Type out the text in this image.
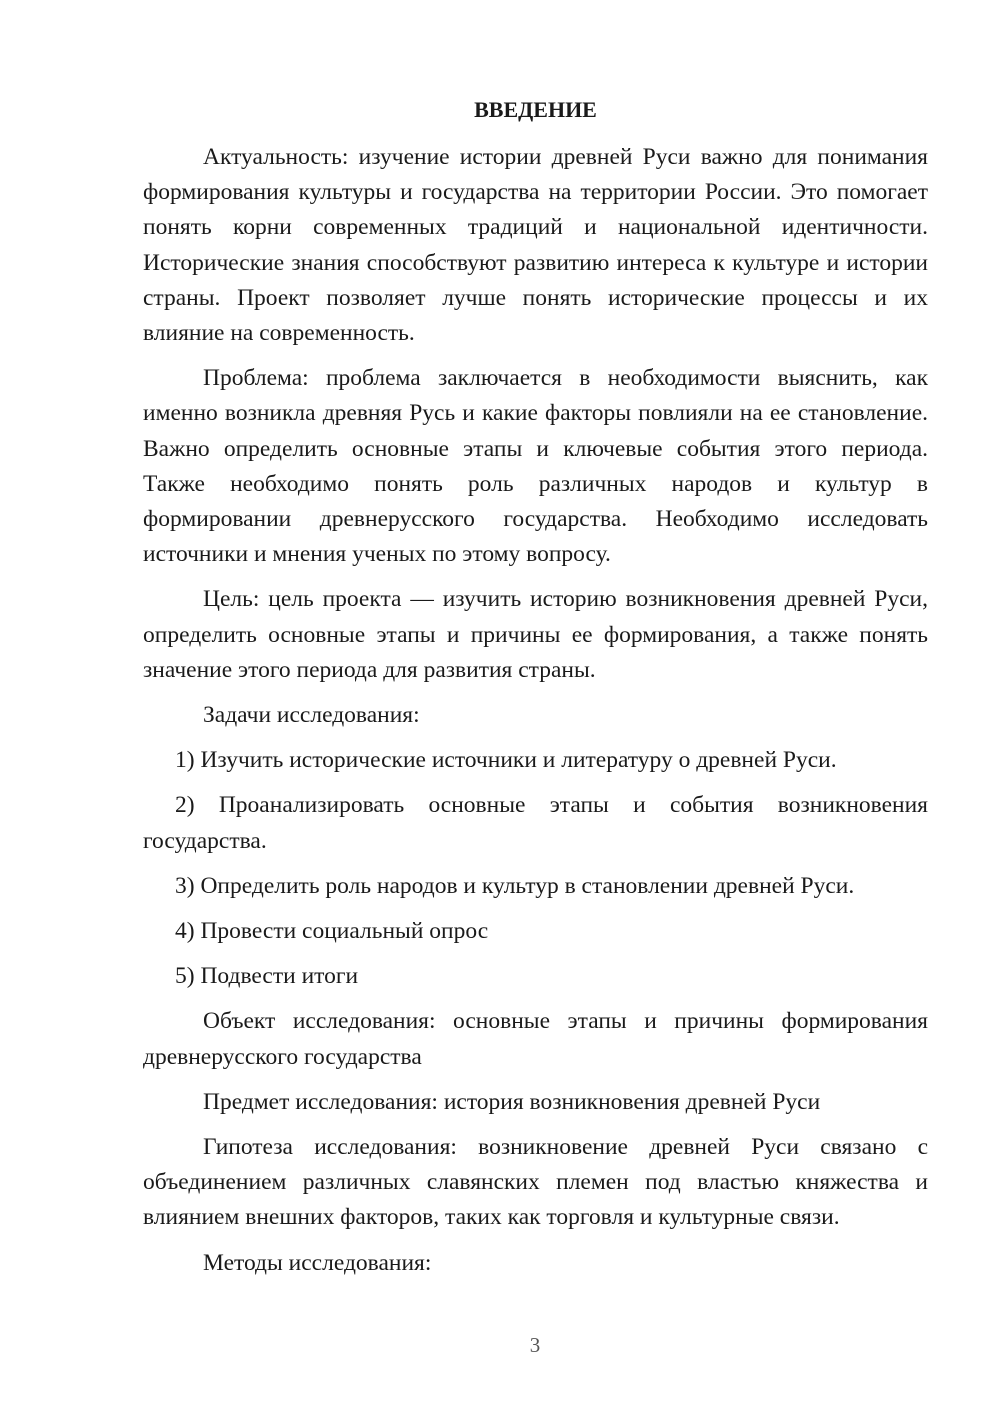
ВВЕДЕНИЕ

Актуальность: изучение истории древней Руси важно для понимания формирования культуры и государства на территории России. Это помогает понять корни современных традиций и национальной идентичности. Исторические знания способствуют развитию интереса к культуре и истории страны. Проект позволяет лучше понять исторические процессы и их влияние на современность.

Проблема: проблема заключается в необходимости выяснить, как именно возникла древняя Русь и какие факторы повлияли на ее становление. Важно определить основные этапы и ключевые события этого периода. Также необходимо понять роль различных народов и культур в формировании древнерусского государства. Необходимо исследовать источники и мнения ученых по этому вопросу.

Цель: цель проекта — изучить историю возникновения древней Руси, определить основные этапы и причины ее формирования, а также понять значение этого периода для развития страны.

Задачи исследования:

1) Изучить исторические источники и литературу о древней Руси.

2) Проанализировать основные этапы и события возникновения государства.

3) Определить роль народов и культур в становлении древней Руси.

4) Провести социальный опрос

5) Подвести итоги

Объект исследования: основные этапы и причины формирования древнерусского государства

Предмет исследования: история возникновения древней Руси

Гипотеза исследования: возникновение древней Руси связано с объединением различных славянских племен под властью княжества и влиянием внешних факторов, таких как торговля и культурные связи.

Методы исследования:

3
